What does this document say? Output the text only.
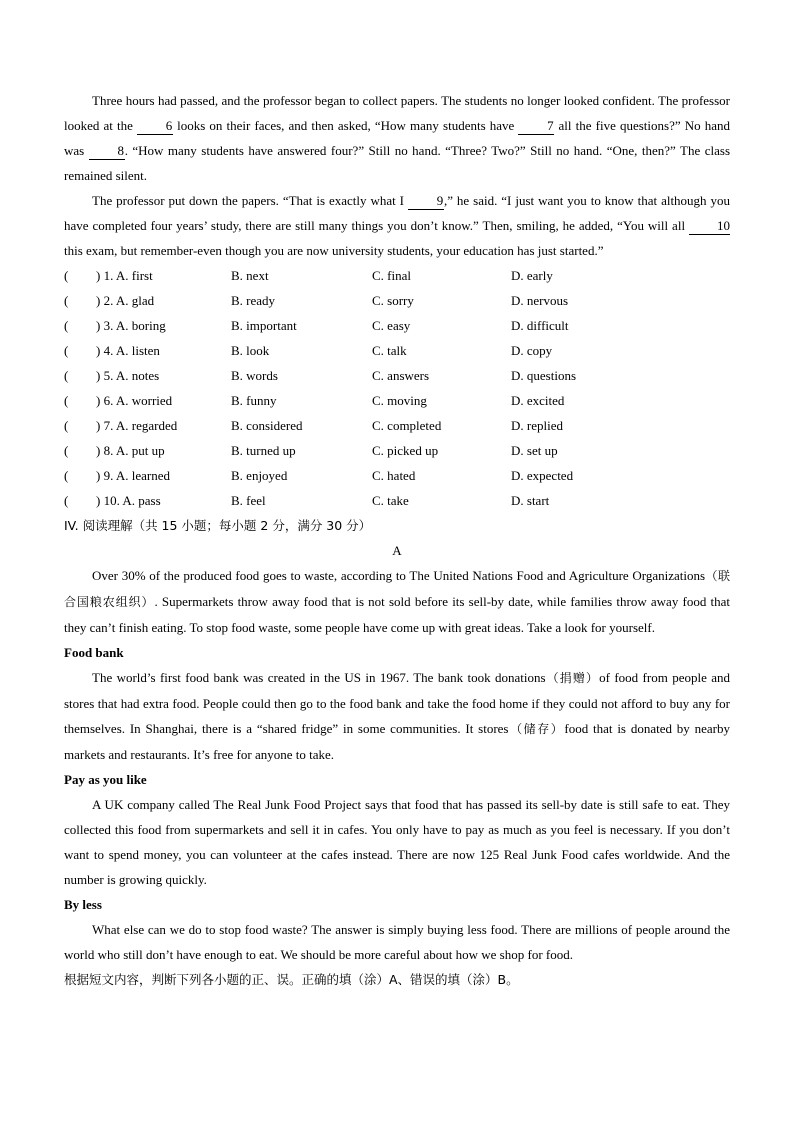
Three hours had passed, and the professor began to collect papers. The students no longer looked confident. The professor looked at the 6 looks on their faces, and then asked, “How many students have 7 all the five questions?” No hand was 8. “How many students have answered four?” Still no hand. “Three? Two?” Still no hand. “One, then?” The class remained silent.

The professor put down the papers. “That is exactly what I 9,” he said. “I just want you to know that although you have completed four years’ study, there are still many things you don’t know.” Then, smiling, he added, “You will all 10 this exam, but remember-even though you are now university students, your education has just started.”

( ) 1. A. first	B. next	C. final	D. early
( ) 2. A. glad	B. ready	C. sorry	D. nervous
( ) 3. A. boring	B. important	C. easy	D. difficult
( ) 4. A. listen	B. look	C. talk	D. copy
( ) 5. A. notes	B. words	C. answers	D. questions
( ) 6. A. worried	B. funny	C. moving	D. excited
( ) 7. A. regarded	B. considered	C. completed	D. replied
( ) 8. A. put up	B. turned up	C. picked up	D. set up
( ) 9. A. learned	B. enjoyed	C. hated	D. expected
( ) 10. A. pass	B. feel	C. take	D. start
IV. 阅读理解（共 15 小题；每小题 2 分，满分 30 分）
A

Over 30% of the produced food goes to waste, according to The United Nations Food and Agriculture Organizations（联合国粮农组织）. Supermarkets throw away food that is not sold before its sell-by date, while families throw away food that they can’t finish eating. To stop food waste, some people have come up with great ideas. Take a look for yourself.

Food bank

The world’s first food bank was created in the US in 1967. The bank took donations（捐赠）of food from people and stores that had extra food. People could then go to the food bank and take the food home if they could not afford to buy any for themselves. In Shanghai, there is a “shared fridge” in some communities. It stores（储存）food that is donated by nearby markets and restaurants. It’s free for anyone to take.

Pay as you like

A UK company called The Real Junk Food Project says that food that has passed its sell-by date is still safe to eat. They collected this food from supermarkets and sell it in cafes. You only have to pay as much as you feel is necessary. If you don’t want to spend money, you can volunteer at the cafes instead. There are now 125 Real Junk Food cafes worldwide. And the number is growing quickly.

By less

What else can we do to stop food waste? The answer is simply buying less food. There are millions of people around the world who still don’t have enough to eat. We should be more careful about how we shop for food.

根据短文内容，判断下列各小题的正、误。正确的填（涂）A、错误的填（涂）B。
